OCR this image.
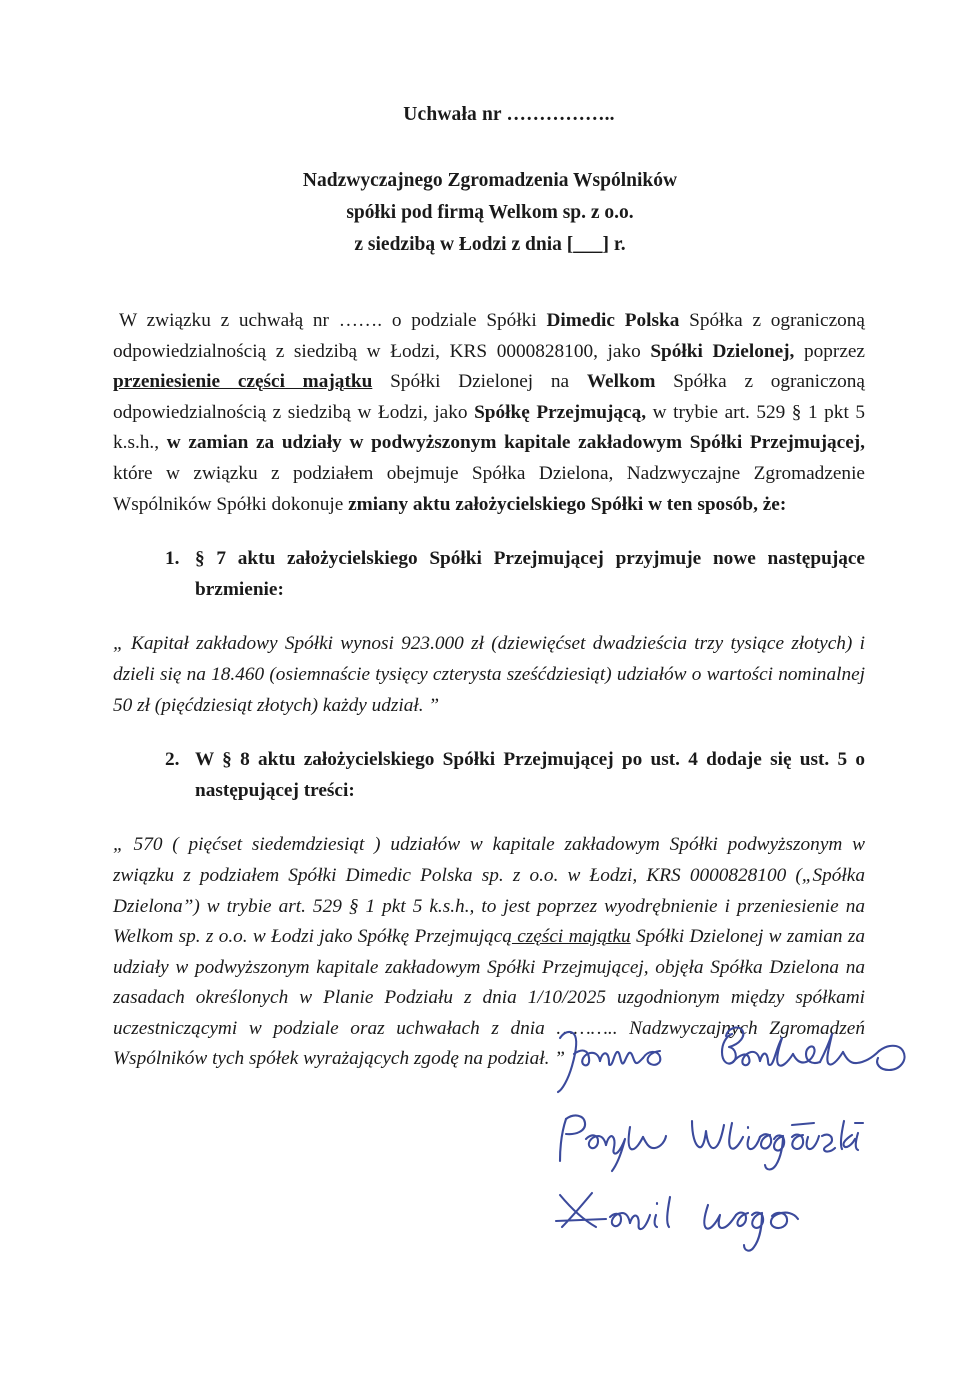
Uchwała nr ……………..
Nadzwyczajnego Zgromadzenia Wspólników
spółki pod firmą Welkom sp. z o.o.
z siedzibą w Łodzi z dnia [___] r.

W związku z uchwałą nr ……. o podziale Spółki Dimedic Polska Spółka z ograniczoną odpowiedzialnością z siedzibą w Łodzi, KRS 0000828100, jako Spółki Dzielonej, poprzez przeniesienie części majątku Spółki Dzielonej na Welkom Spółka z ograniczoną odpowiedzialnością z siedzibą w Łodzi, jako Spółkę Przejmującą, w trybie art. 529 § 1 pkt 5 k.s.h., w zamian za udziały w podwyższonym kapitale zakładowym Spółki Przejmującej, które w związku z podziałem obejmuje Spółka Dzielona, Nadzwyczajne Zgromadzenie Wspólników Spółki dokonuje zmiany aktu założycielskiego Spółki w ten sposób, że:

1. § 7 aktu założycielskiego Spółki Przejmującej przyjmuje nowe następujące brzmienie:

„ Kapitał zakładowy Spółki wynosi 923.000 zł (dziewięćset dwadzieścia trzy tysiące złotych) i dzieli się na 18.460 (osiemnaście tysięcy czterysta sześćdziesiąt) udziałów o wartości nominalnej 50 zł (pięćdziesiąt złotych) każdy udział. ”

2. W § 8 aktu założycielskiego Spółki Przejmującej po ust. 4 dodaje się ust. 5 o następującej treści:

„ 570 ( pięćset siedemdziesiąt ) udziałów w kapitale zakładowym Spółki podwyższonym w związku z podziałem Spółki Dimedic Polska sp. z o.o. w Łodzi, KRS 0000828100 („Spółka Dzielona”) w trybie art. 529 § 1 pkt 5 k.s.h., to jest poprzez wyodrębnienie i przeniesienie na Welkom sp. z o.o. w Łodzi jako Spółkę Przejmującą części majątku Spółki Dzielonej w zamian za udziały w podwyższonym kapitale zakładowym Spółki Przejmującej, objęła Spółka Dzielona na zasadach określonych w Planie Podziału z dnia 1/10/2025 uzgodnionym między spółkami uczestniczącymi w podziale oraz uchwałach z dnia ……….. Nadzwyczajnych Zgromadzeń Wspólników tych spółek wyrażających zgodę na podział. ”
